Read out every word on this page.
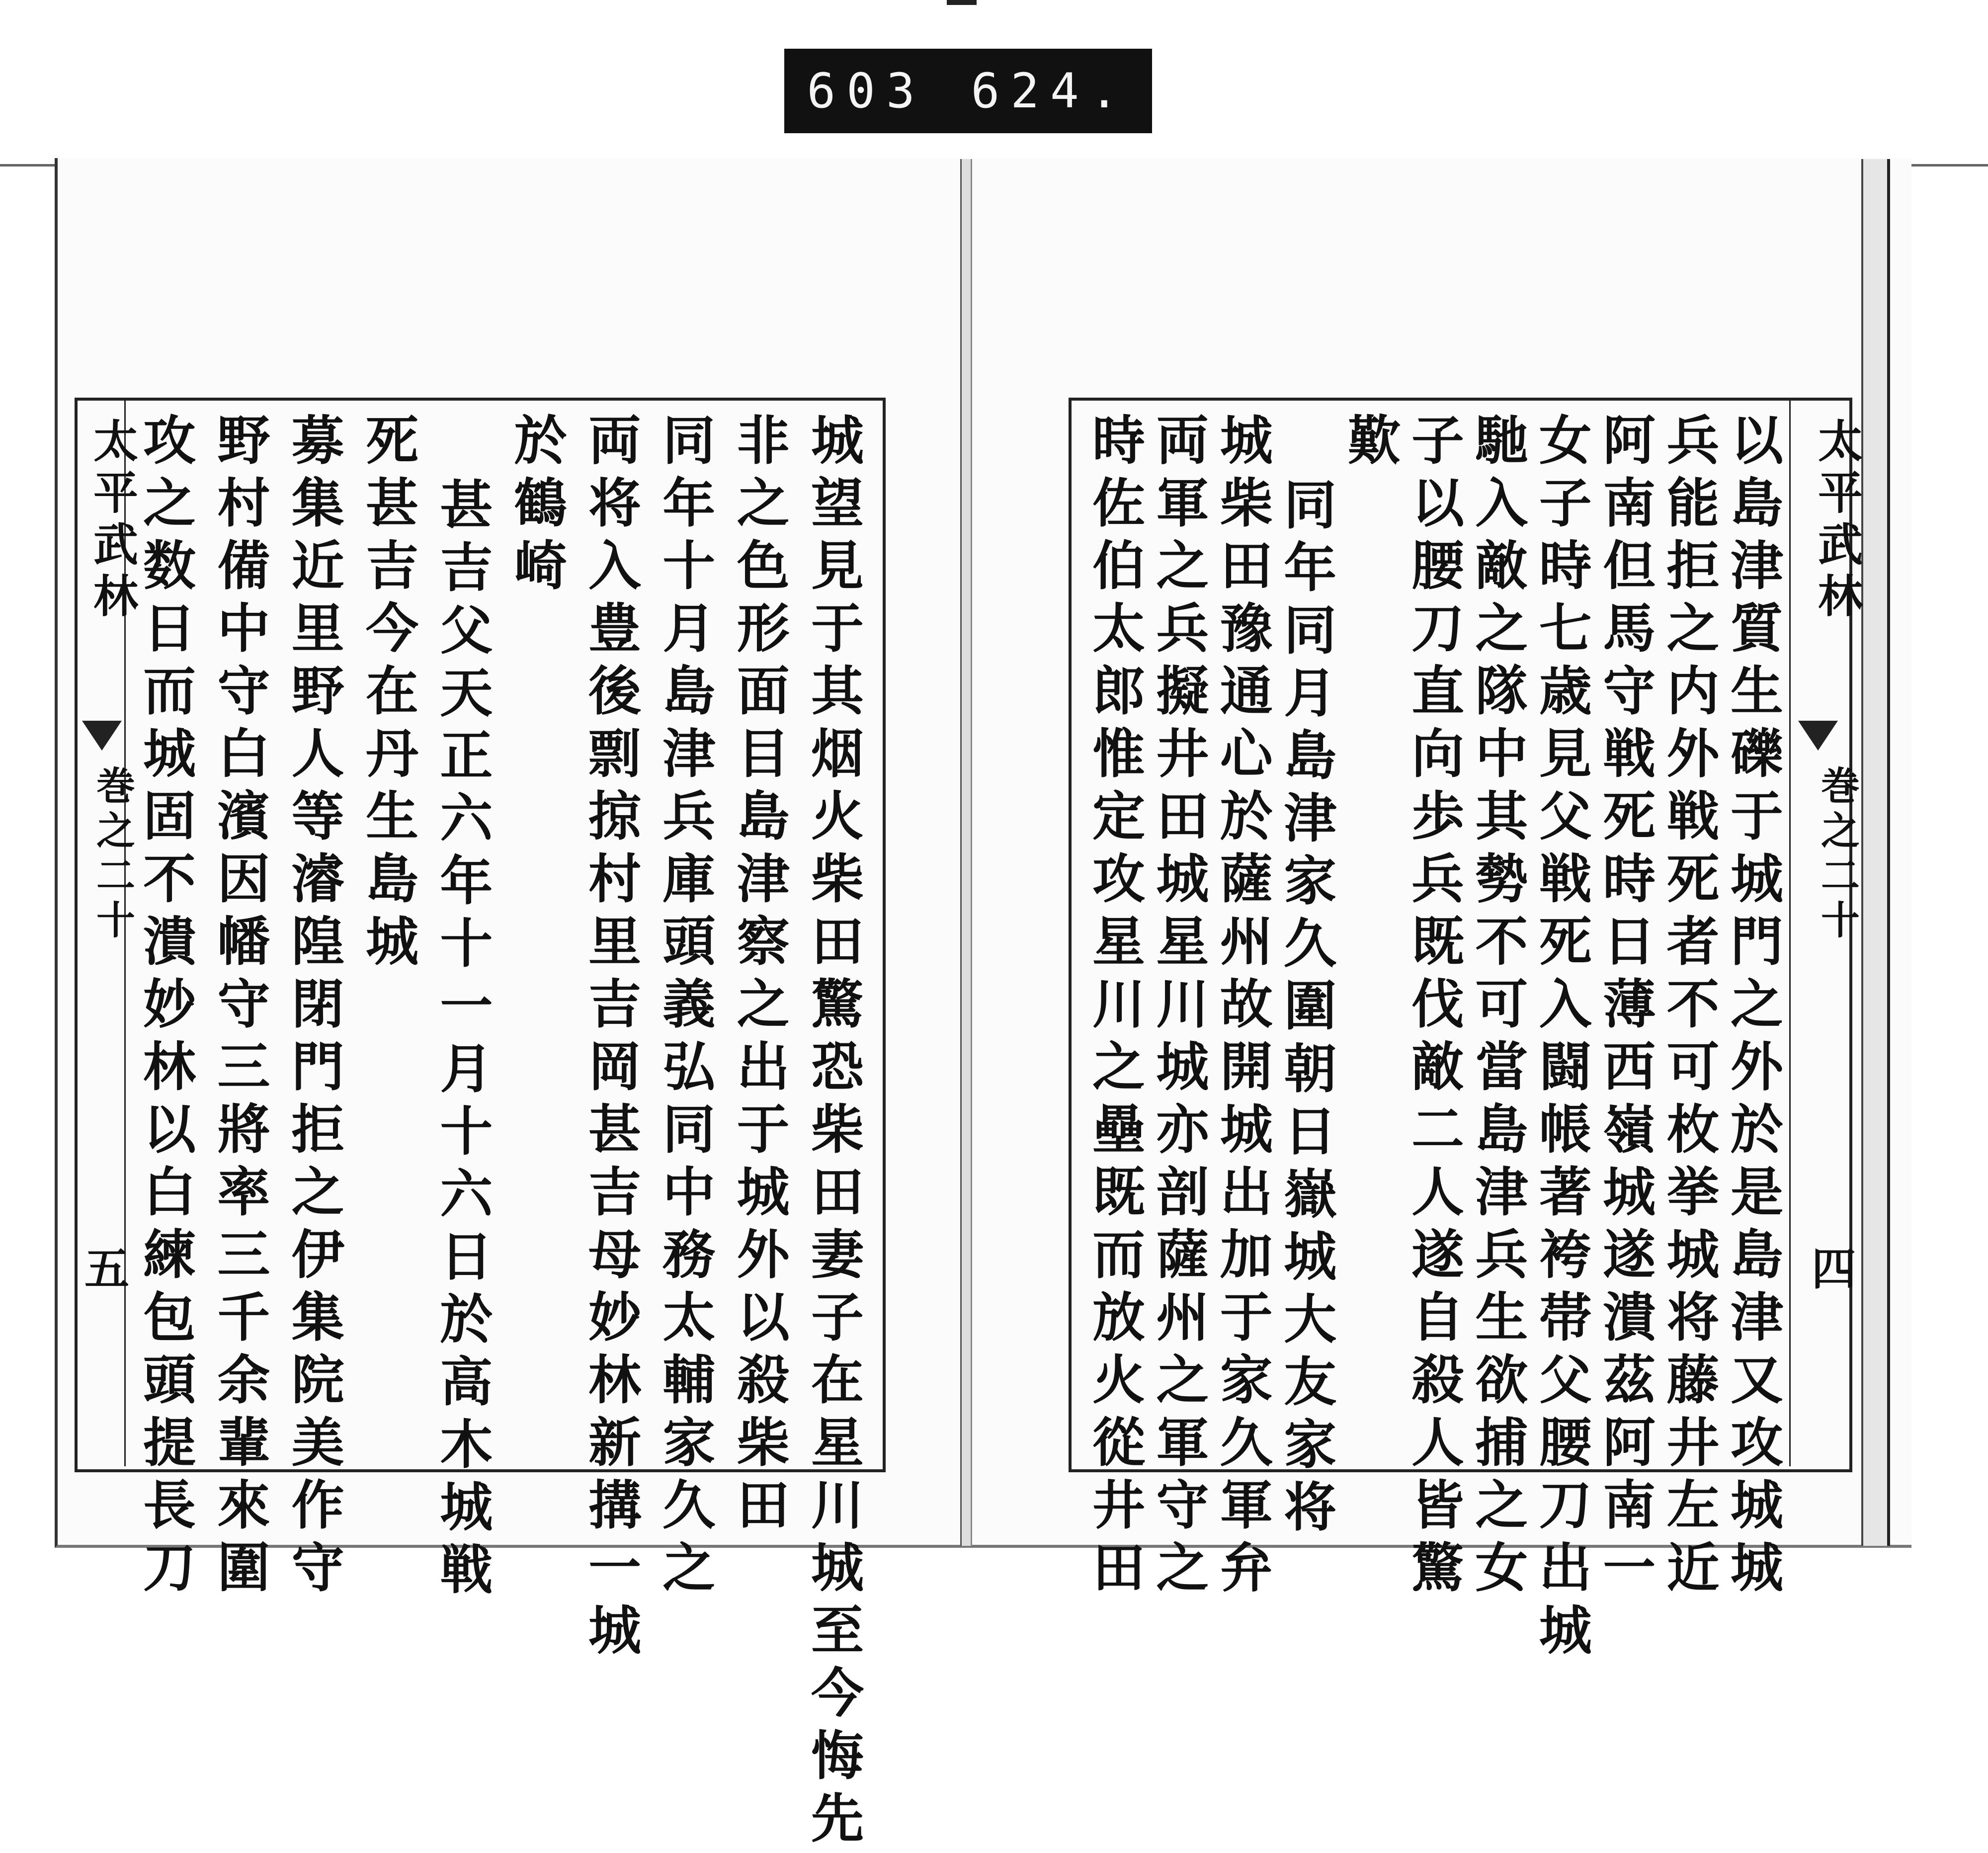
603 624.
太平武林
巻之二十
四
以島津質生礫于城門之外於是島津又攻城城
兵能拒之内外戦死者不可枚挙城将藤井左近
阿南但馬守戦死時日薄西嶺城遂潰茲阿南一
女子時七歳見父戦死入闘帳著袴帯父腰刀出城
馳入敵之隊中其勢不可當島津兵生欲捕之女
子以腰刀直向歩兵既伐敵二人遂自殺人皆驚
歎
同年同月島津家久圍朝日嶽城大友家将
城柴田豫通心於薩州故開城出加于家久軍弁
両軍之兵擬井田城星川城亦剖薩州之軍守之
時佐伯太郎惟定攻星川之壘既而放火從井田
太平武林
巻之二十
五	城望見于其烟火柴田驚恐柴田妻子在星川城至今悔先
非之色形面目島津察之出于城外以殺柴田
同年十月島津兵庫頭義弘同中務太輔家久之
両将入豊後剽掠村里吉岡甚吉母妙林新搆一城
於鶴崎
甚吉父天正六年十一月十六日於高木城戦
死甚吉今在丹生島城
募集近里野人等濬隍閉門拒之伊集院美作守
野村備中守白濱因幡守三將率三千余輩來圍
攻之数日而城固不潰妙林以白練包頭提長刀
